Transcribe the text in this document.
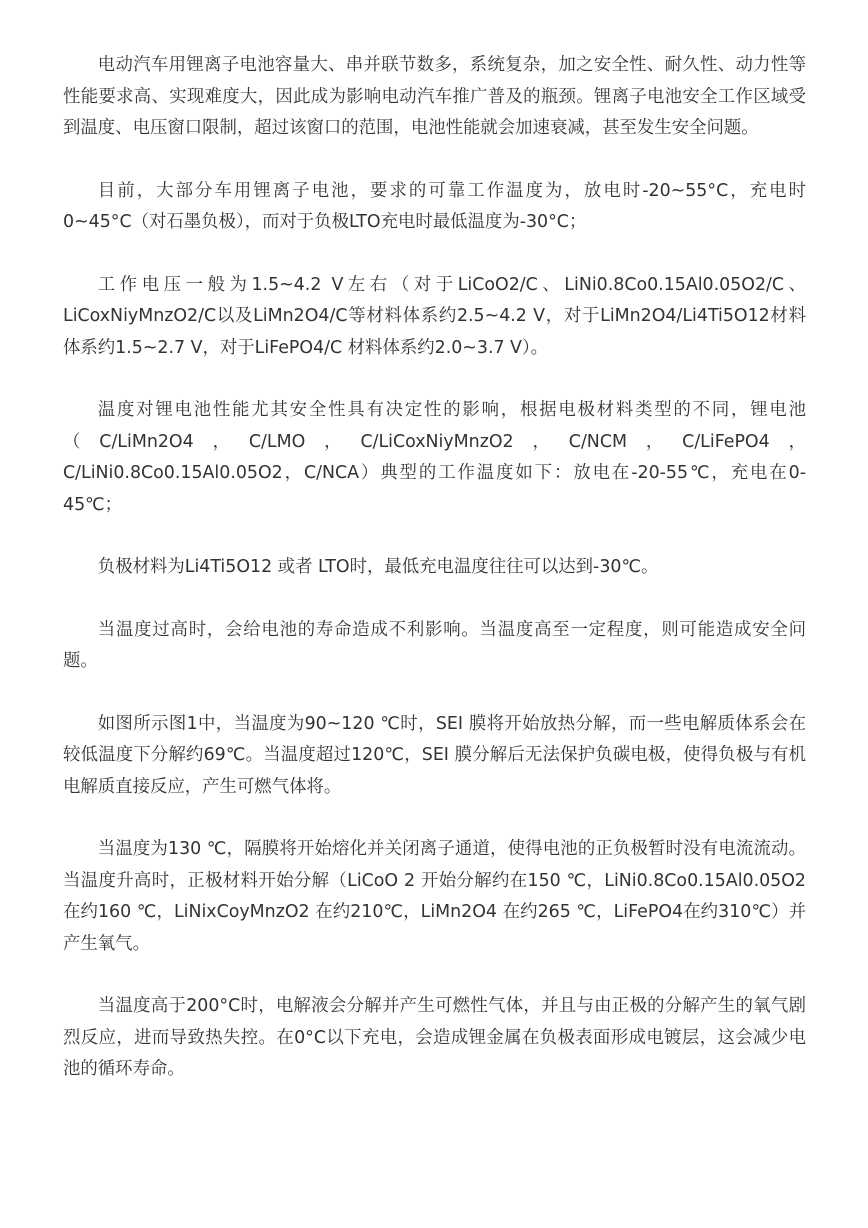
电动汽车用锂离子电池容量大、串并联节数多，系统复杂，加之安全性、耐久性、动力性等性能要求高、实现难度大，因此成为影响电动汽车推广普及的瓶颈。锂离子电池安全工作区域受到温度、电压窗口限制，超过该窗口的范围，电池性能就会加速衰减，甚至发生安全问题。

目前，大部分车用锂离子电池，要求的可靠工作温度为，放电时-20~55°C，充电时0~45°C（对石墨负极），而对于负极LTO充电时最低温度为-30°C；

工作电压一般为1.5~4.2 V左右（对于LiCoO2/C、LiNi0.8Co0.15Al0.05O2/C、LiCoxNiyMnzO2/C以及LiMn2O4/C等材料体系约2.5~4.2 V，对于LiMn2O4/Li4Ti5O12材料体系约1.5~2.7 V，对于LiFePO4/C 材料体系约2.0~3.7 V）。

温度对锂电池性能尤其安全性具有决定性的影响，根据电极材料类型的不同，锂电池（C/LiMn2O4，C/LMO，C/LiCoxNiyMnzO2，C/NCM，C/LiFePO4，C/LiNi0.8Co0.15Al0.05O2，C/NCA）典型的工作温度如下：放电在-20-55℃，充电在0-45℃；

负极材料为Li4Ti5O12 或者 LTO时，最低充电温度往往可以达到-30℃。

当温度过高时，会给电池的寿命造成不利影响。当温度高至一定程度，则可能造成安全问题。

如图所示图1中，当温度为90~120 ℃时，SEI 膜将开始放热分解，而一些电解质体系会在较低温度下分解约69℃。当温度超过120℃，SEI 膜分解后无法保护负碳电极，使得负极与有机电解质直接反应，产生可燃气体将。

当温度为130 ℃，隔膜将开始熔化并关闭离子通道，使得电池的正负极暂时没有电流流动。当温度升高时，正极材料开始分解（LiCoO 2 开始分解约在150 ℃，LiNi0.8Co0.15Al0.05O2在约160 ℃，LiNixCoyMnzO2 在约210℃，LiMn2O4 在约265 ℃，LiFePO4在约310℃）并产生氧气。

当温度高于200°C时，电解液会分解并产生可燃性气体，并且与由正极的分解产生的氧气剧烈反应，进而导致热失控。在0°C以下充电，会造成锂金属在负极表面形成电镀层，这会减少电池的循环寿命。
